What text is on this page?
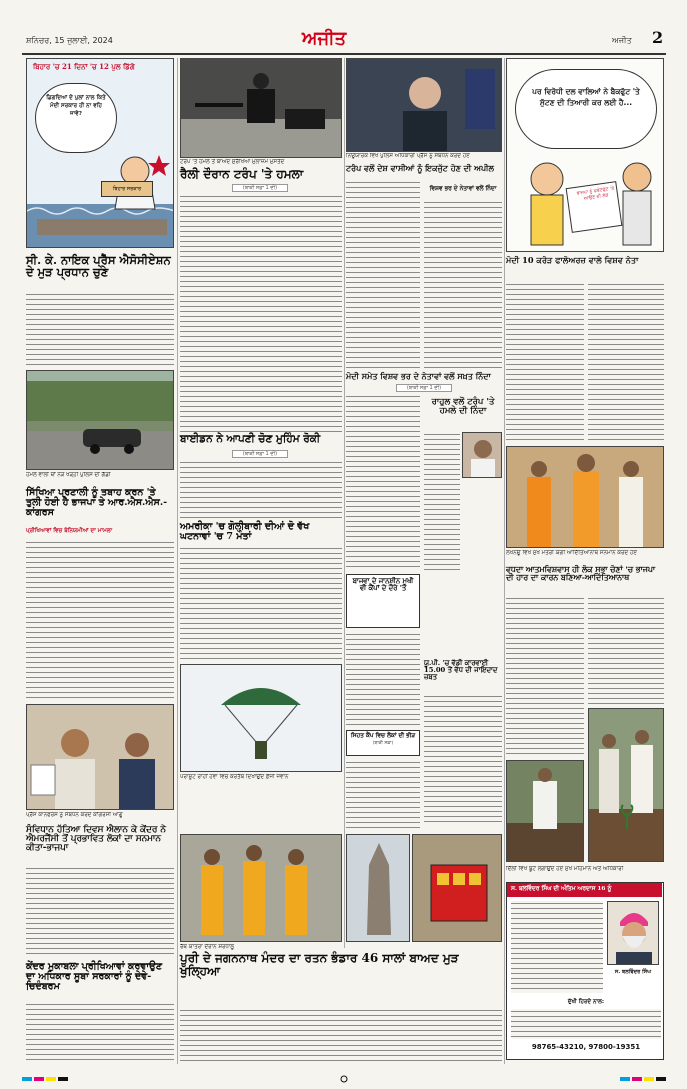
ਸ਼ਨਿਚਰ, 15 ਜੁਲਾਈ, 2024	ਅਜੀਤ	ਅਜੀਤ 2
ਬਿਹਾਰ 'ਚ 21 ਦਿਨਾਂ 'ਚ 12 ਪੁਲ ਡਿੱਗੇ
ਡਿਗਦਿਆਂ ਦੇ ਪੁਲਾਂ ਨਾਲ ਕਿਤੇ ਮੋਦੀ ਸਰਕਾਰ ਹੀ ਨਾ ਵਹਿ ਜਾਵੇ?
ਬਿਹਾਰ ਸਰਕਾਰ
ਸੀ. ਕੇ. ਨਾਇਕ ਪ੍ਰੈੱਸ ਐਸੋਸੀਏਸ਼ਨ ਦੇ ਮੁੜ ਪ੍ਰਧਾਨ ਚੁਣੇ
ਹਮਲੇ ਵਾਲੀ ਥਾਂ ਨੇੜੇ ਖੜ੍ਹੀ ਪੁਲਿਸ ਦੀ ਗੱਡੀ
ਸਿੱਖਿਆ ਪ੍ਰਣਾਲੀ ਨੂੰ ਤਬਾਹ ਕਰਨ 'ਤੇ ਤੁਲੀ ਹੋਈ ਹੈ ਭਾਜਪਾ ਤੇ ਆਰ.ਐਸ.ਐਸ.-ਕਾਂਗਰਸ
ਪ੍ਰੀਖਿਆਵਾਂ ਵਿਚ ਬੇਨਿਯਮੀਆਂ ਦਾ ਮਾਮਲਾ
ਪ੍ਰੈੱਸ ਕਾਨਫਰੰਸ ਨੂੰ ਸੰਬੋਧਨ ਕਰਦੇ ਕਾਂਗਰਸੀ ਆਗੂ
ਸੰਵਿਧਾਨ ਹੱਤਿਆ ਦਿਵਸ ਐਲਾਨ ਕੇ ਕੇਂਦਰ ਨੇ ਐਮਰਜੈਂਸੀ ਤੋਂ ਪ੍ਰਭਾਵਿਤ ਲੋਕਾਂ ਦਾ ਸਨਮਾਨ ਕੀਤਾ-ਭਾਜਪਾ
ਕੇਂਦਰ ਮੁਕਾਬਲਾ ਪ੍ਰੀਖਿਆਵਾਂ ਕਰਵਾਉਣ ਦਾ ਅਧਿਕਾਰ ਸੂਬਾ ਸਰਕਾਰਾਂ ਨੂੰ ਦੇਵੇ-ਚਿਦੰਬਰਮ
ਟਰੰਪ 'ਤੇ ਹਮਲੇ ਤੋਂ ਬਾਅਦ ਸੁਰੱਖਿਆ ਮੁਲਾਜ਼ਮ ਮੁਸਤੈਦ
ਰੈਲੀ ਦੌਰਾਨ ਟਰੰਪ 'ਤੇ ਹਮਲਾ
(ਬਾਕੀ ਸਫ਼ਾ 1 ਦੀ)
ਬਾਈਡਨ ਨੇ ਆਪਣੀ ਚੋਣ ਮੁਹਿੰਮ ਰੋਕੀ
(ਬਾਕੀ ਸਫ਼ਾ 1 ਦੀ)
ਅਮਰੀਕਾ 'ਚ ਗੋਲੀਬਾਰੀ ਦੀਆਂ ਦੋ ਵੱਖ ਘਟਨਾਵਾਂ 'ਚ 7 ਮੌਤਾਂ
ਪੈਰਾਸ਼ੂਟ ਰਾਹੀਂ ਹਵਾ ਵਿਚ ਕਰਤੱਬ ਦਿਖਾਉਂਦੇ ਫ਼ੌਜੀ ਜਵਾਨ
ਰੱਥ ਯਾਤਰਾ ਦੌਰਾਨ ਸ਼ਰਧਾਲੂ
ਨਿਊਯਾਰਕ ਵਿਖੇ ਪੁਲਿਸ ਅਧਿਕਾਰੀ ਪ੍ਰੈੱਸ ਨੂੰ ਸੰਬੋਧਨ ਕਰਦੇ ਹੋਏ
ਟਰੰਪ ਵਲੋਂ ਦੇਸ਼ ਵਾਸੀਆਂ ਨੂੰ ਇਕਜੁੱਟ ਹੋਣ ਦੀ ਅਪੀਲ
ਵਿਸ਼ਵ ਭਰ ਦੇ ਨੇਤਾਵਾਂ ਵਲੋਂ ਨਿੰਦਾ
ਮੋਦੀ ਸਮੇਤ ਵਿਸ਼ਵ ਭਰ ਦੇ ਨੇਤਾਵਾਂ ਵਲੋਂ ਸਖ਼ਤ ਨਿੰਦਾ
(ਬਾਕੀ ਸਫ਼ਾ 1 ਦੀ)
ਰਾਹੁਲ ਵਲੋਂ ਟਰੰਪ 'ਤੇ ਹਮਲੇ ਦੀ ਨਿੰਦਾ
ਬਾਜਵਾ ਦੇ ਜਾਨਸ਼ੀਨ ਮੁਖੀ ਵੀ ਕੈਂਪਾਂ ਦੇ ਦੌਰੇ 'ਤੇ
ਯੂ.ਪੀ. 'ਚ ਵੱਡੀ ਕਾਰਵਾਈ 15.00 ਤੋਂ ਵੱਧ ਦੀ ਜਾਇਦਾਦ ਜ਼ਬਤ
ਸਿਹਤ ਕੈਂਪ ਵਿਚ ਲੋਕਾਂ ਦੀ ਭੀੜ
(ਬਾਕੀ ਸਫ਼ਾ)
ਪੁਰੀ ਦੇ ਜਗਨਨਾਥ ਮੰਦਰ ਦਾ ਰਤਨ ਭੰਡਾਰ 46 ਸਾਲਾਂ ਬਾਅਦ ਮੁੜ ਖੁੱਲ੍ਹਿਆ
ਪਰ ਵਿਰੋਧੀ ਦਲ ਵਾਲਿਆਂ ਨੇ ਬੈਕਫੁੱਟ 'ਤੇ ਸੁੱਟਣ ਦੀ ਤਿਆਰੀ ਕਰ ਲਈ ਹੈ...
ਭਾਜਪਾ ਨੂੰ ਫਰੰਟਫੁੱਟ 'ਤੇ ਆਉਣ ਦੀ ਲੋੜ
ਮੋਦੀ 10 ਕਰੋੜ ਫਾਲੋਅਰਜ਼ ਵਾਲੇ ਵਿਸ਼ਵ ਨੇਤਾ
ਲਖਨਊ ਵਿਖੇ ਮੁੱਖ ਮੰਤਰੀ ਯੋਗੀ ਆਦਿੱਤਿਆਨਾਥ ਸਨਮਾਨ ਕਰਦੇ ਹੋਏ
ਵਧਦਾ ਆਤਮਵਿਸ਼ਵਾਸ ਹੀ ਲੋਕ ਸਭਾ ਚੋਣਾਂ 'ਚ ਭਾਜਪਾ ਦੀ ਹਾਰ ਦਾ ਕਾਰਨ ਬਣਿਆ-ਆਦਿੱਤਿਆਨਾਥ
ਦਿੱਲੀ ਵਿਖੇ ਬੂਟੇ ਲਗਾਉਂਦੇ ਹੋਏ ਮੁੱਖ ਮਹਿਮਾਨ ਅਤੇ ਅਧਿਕਾਰੀ
ਸ. ਬਲਵਿੰਦਰ ਸਿੰਘ ਦੀ ਅੰਤਿਮ ਅਰਦਾਸ 16 ਨੂੰ
ਸ. ਬਲਵਿੰਦਰ ਸਿੰਘ
ਦੁੱਖੀ ਹਿਰਦੇ ਨਾਲ:
98765-43210, 97800-19351
